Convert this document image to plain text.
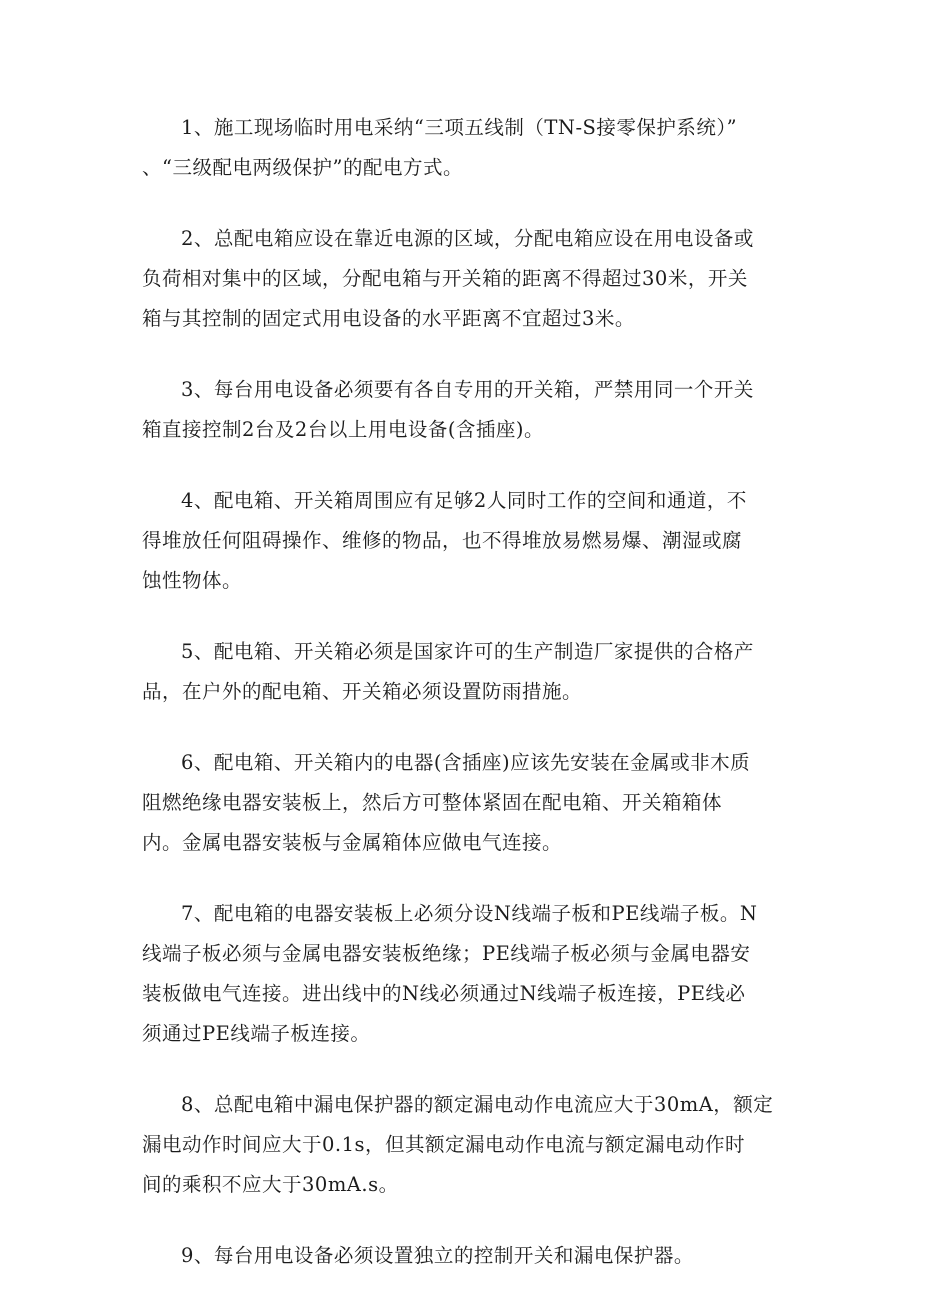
1、施工现场临时用电采纳“三项五线制（TN-S接零保护系统）”
、“三级配电两级保护”的配电方式。

2、总配电箱应设在靠近电源的区域，分配电箱应设在用电设备或
负荷相对集中的区域，分配电箱与开关箱的距离不得超过30米，开关
箱与其控制的固定式用电设备的水平距离不宜超过3米。

3、每台用电设备必须要有各自专用的开关箱，严禁用同一个开关
箱直接控制2台及2台以上用电设备(含插座)。

4、配电箱、开关箱周围应有足够2人同时工作的空间和通道，不
得堆放任何阻碍操作、维修的物品，也不得堆放易燃易爆、潮湿或腐
蚀性物体。

5、配电箱、开关箱必须是国家许可的生产制造厂家提供的合格产
品，在户外的配电箱、开关箱必须设置防雨措施。

6、配电箱、开关箱内的电器(含插座)应该先安装在金属或非木质
阻燃绝缘电器安装板上，然后方可整体紧固在配电箱、开关箱箱体
内。金属电器安装板与金属箱体应做电气连接。

7、配电箱的电器安装板上必须分设N线端子板和PE线端子板。N
线端子板必须与金属电器安装板绝缘；PE线端子板必须与金属电器安
装板做电气连接。进出线中的N线必须通过N线端子板连接，PE线必
须通过PE线端子板连接。

8、总配电箱中漏电保护器的额定漏电动作电流应大于30mA，额定
漏电动作时间应大于0.1s，但其额定漏电动作电流与额定漏电动作时
间的乘积不应大于30mA.s。

9、每台用电设备必须设置独立的控制开关和漏电保护器。
